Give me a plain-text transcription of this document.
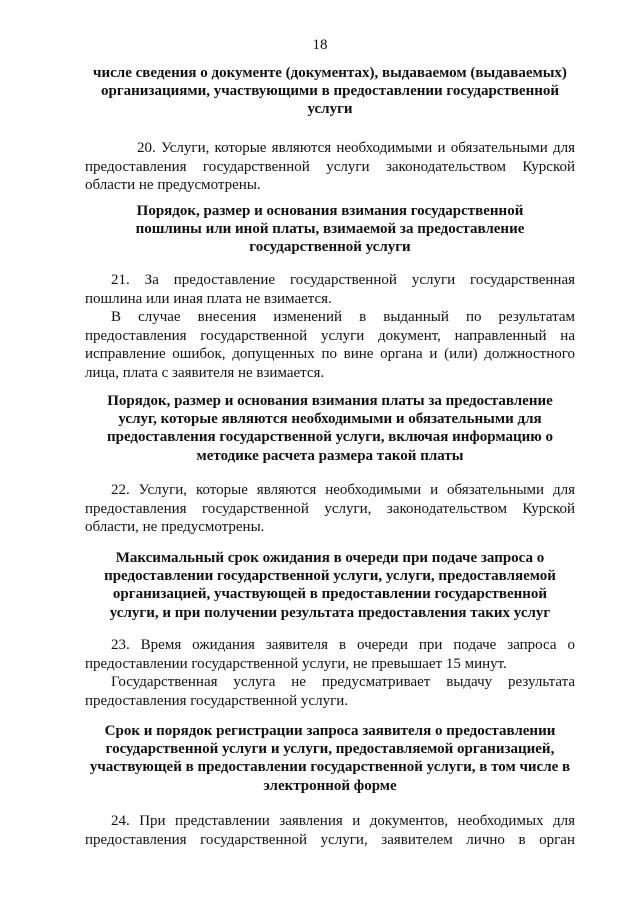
18
числе сведения о документе (документах), выдаваемом (выдаваемых)
организациями, участвующими в предоставлении государственной
услуги
20. Услуги, которые являются необходимыми и обязательными для
предоставления государственной услуги законодательством Курской
области не предусмотрены.
Порядок, размер и основания взимания государственной
пошлины или иной платы, взимаемой за предоставление
государственной услуги
21. За предоставление государственной услуги государственная
пошлина или иная плата не взимается.
В случае внесения изменений в выданный по результатам
предоставления государственной услуги документ, направленный на
исправление ошибок, допущенных по вине органа и (или) должностного
лица, плата с заявителя не взимается.
Порядок, размер и основания взимания платы за предоставление
услуг, которые являются необходимыми и обязательными для
предоставления государственной услуги, включая информацию о
методике расчета размера такой платы
22. Услуги, которые являются необходимыми и обязательными для
предоставления государственной услуги, законодательством Курской
области, не предусмотрены.
Максимальный срок ожидания в очереди при подаче запроса о
предоставлении государственной услуги, услуги, предоставляемой
организацией, участвующей в предоставлении государственной
услуги, и при получении результата предоставления таких услуг
23. Время ожидания заявителя в очереди при подаче запроса о
предоставлении государственной услуги, не превышает 15 минут.
Государственная услуга не предусматривает выдачу результата
предоставления государственной услуги.
Срок и порядок регистрации запроса заявителя о предоставлении
государственной услуги и услуги, предоставляемой организацией,
участвующей в предоставлении государственной услуги, в том числе в
электронной форме
24. При представлении заявления и документов, необходимых для
предоставления государственной услуги, заявителем лично в орган
